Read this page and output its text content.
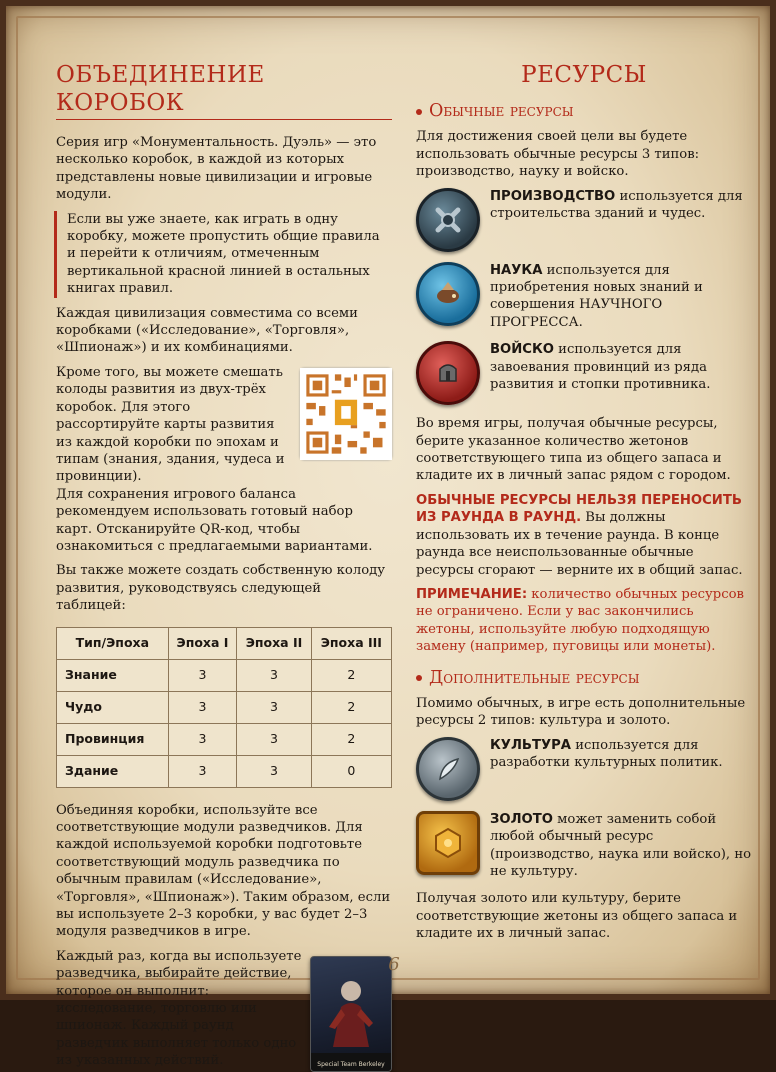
ОБЪЕДИНЕНИЕ КОРОБОК

Серия игр «Монументальность. Дуэль» — это несколько коробок, в каждой из которых представлены новые цивилизации и игровые модули.

Если вы уже знаете, как играть в одну коробку, можете пропустить общие правила и перейти к отличиям, отмеченным вертикальной красной линией в остальных книгах правил.

Каждая цивилизация совместима со всеми коробками («Исследование», «Торговля», «Шпионаж») и их комбинациями.

Кроме того, вы можете смешать колоды развития из двух-трёх коробок. Для этого рассортируйте карты развития из каждой коробки по эпохам и типам (знания, здания, чудеса и провинции).

Для сохранения игрового баланса рекомендуем использовать готовый набор карт. Отсканируйте QR-код, чтобы ознакомиться с предлагаемыми вариантами.

Вы также можете создать собственную колоду развития, руководствуясь следующей таблицей:

Тип/Эпоха	Эпоха I	Эпоха II	Эпоха III
Знание	3	3	2
Чудо	3	3	2
Провинция	3	3	2
Здание	3	3	0

Объединяя коробки, используйте все соответствующие модули разведчиков. Для каждой используемой коробки подготовьте соответствующий модуль разведчика по обычным правилам («Исследование», «Торговля», «Шпионаж»). Таким образом, если вы используете 2–3 коробки, у вас будет 2–3 модуля разведчиков в игре.

Каждый раз, когда вы используете разведчика, выбирайте действие, которое он выполнит: исследование, торговлю или шпионаж. Каждый раунд разведчик выполняет только одно из указанных действий.	Special Team Berkeley
РЕСУРСЫ
Обычные ресурсы

Для достижения своей цели вы будете использовать обычные ресурсы 3 типов: производство, науку и войско.

ПРОИЗВОДСТВО используется для строительства зданий и чудес.
НАУКА используется для приобретения новых знаний и совершения НАУЧНОГО ПРОГРЕССА.
ВОЙСКО используется для завоевания провинций из ряда развития и стопки противника.

Во время игры, получая обычные ресурсы, берите указанное количество жетонов соответствующего типа из общего запаса и кладите их в личный запас рядом с городом.

ОБЫЧНЫЕ РЕСУРСЫ НЕЛЬЗЯ ПЕРЕНОСИТЬ ИЗ РАУНДА В РАУНД. Вы должны использовать их в течение раунда. В конце раунда все неиспользованные обычные ресурсы сгорают — верните их в общий запас.

ПРИМЕЧАНИЕ: количество обычных ресурсов не ограничено. Если у вас закончились жетоны, используйте любую подходящую замену (например, пуговицы или монеты).

Дополнительные ресурсы

Помимо обычных, в игре есть дополнительные ресурсы 2 типов: культура и золото.

КУЛЬТУРА используется для разработки культурных политик.
ЗОЛОТО может заменить собой любой обычный ресурс (производство, наука или войско), но не культуру.

Получая золото или культуру, берите соответствующие жетоны из общего запаса и кладите их в личный запас.

6
